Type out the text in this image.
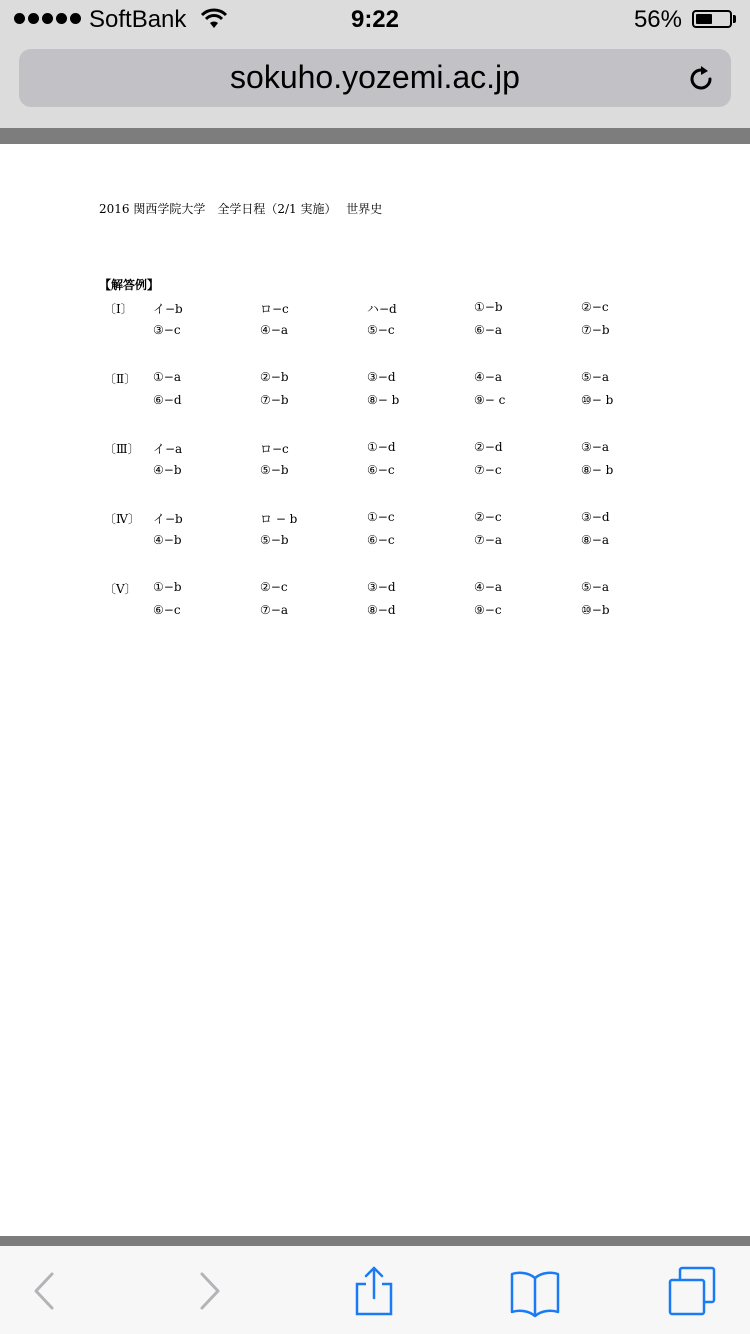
SoftBank	9:22	56%
sokuho.yozemi.ac.jp
2016 関西学院大学　全学日程（2/1 実施）　 世界史
【解答例】
〔Ⅰ〕 イ−b	ロ−c	ハ−d	①−b	②−c
③−c	④−a	⑤−c	⑥−a	⑦−b
〔Ⅱ〕 ①−a	②−b	③−d	④−a	⑤−a
⑥−d	⑦−b	⑧− b	⑨− c	⑩− b
〔Ⅲ〕 イ−a	ロ−c	①−d	②−d	③−a
④−b	⑤−b	⑥−c	⑦−c	⑧− b
〔Ⅳ〕 イ−b	ロ − b	①−c	②−c	③−d
④−b	⑤−b	⑥−c	⑦−a	⑧−a
〔Ⅴ〕 ①−b	②−c	③−d	④−a	⑤−a
⑥−c	⑦−a	⑧−d	⑨−c	⑩−b
